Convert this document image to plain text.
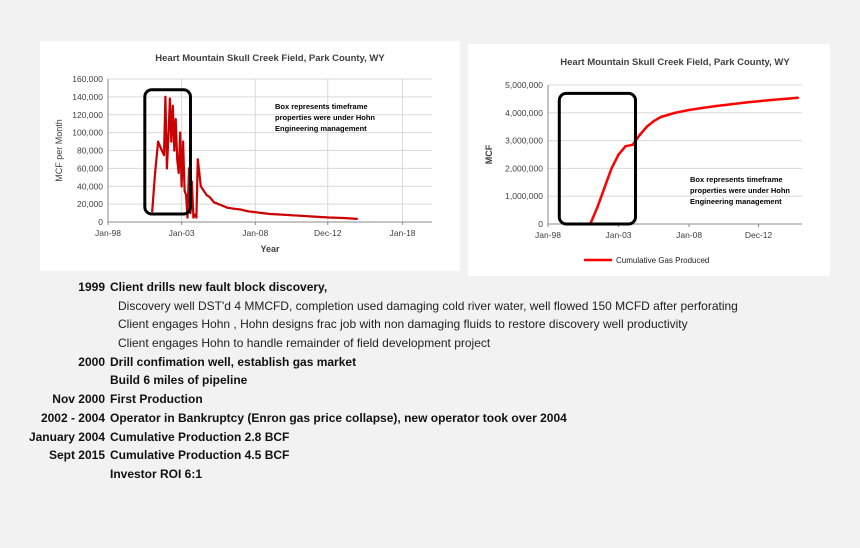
Heart Mountain Skull Creek Field, Park County, WY
0
20,000
40,000
60,000
80,000
100,000
120,000
140,000
160,000
Jan-98	Jan-03	Jan-08	Dec-12	Jan-18
Year
MCF per Month
Box represents timeframe properties were under Hohn Engineering management
Heart Mountain Skull Creek Field, Park County, WY
0
1,000,000
2,000,000
3,000,000
4,000,000
5,000,000
Jan-98	Jan-03	Jan-08	Dec-12
MCF
Box represents timeframe properties were under Hohn Engineering management
Cumulative Gas Produced
1999 Client drills new fault block discovery,
Discovery well DST'd 4 MMCFD, completion used damaging cold river water, well flowed 150 MCFD after perforating
Client engages Hohn , Hohn designs frac job with non damaging fluids to restore discovery well productivity
Client engages Hohn to handle remainder of field development project
2000 Drill confimation well, establish gas market
Build 6 miles of pipeline
Nov 2000 First Production
2002 - 2004 Operator in Bankruptcy (Enron gas price collapse), new operator took over 2004
January 2004 Cumulative Production 2.8 BCF
Sept 2015 Cumulative Production 4.5 BCF
Investor ROI 6:1
